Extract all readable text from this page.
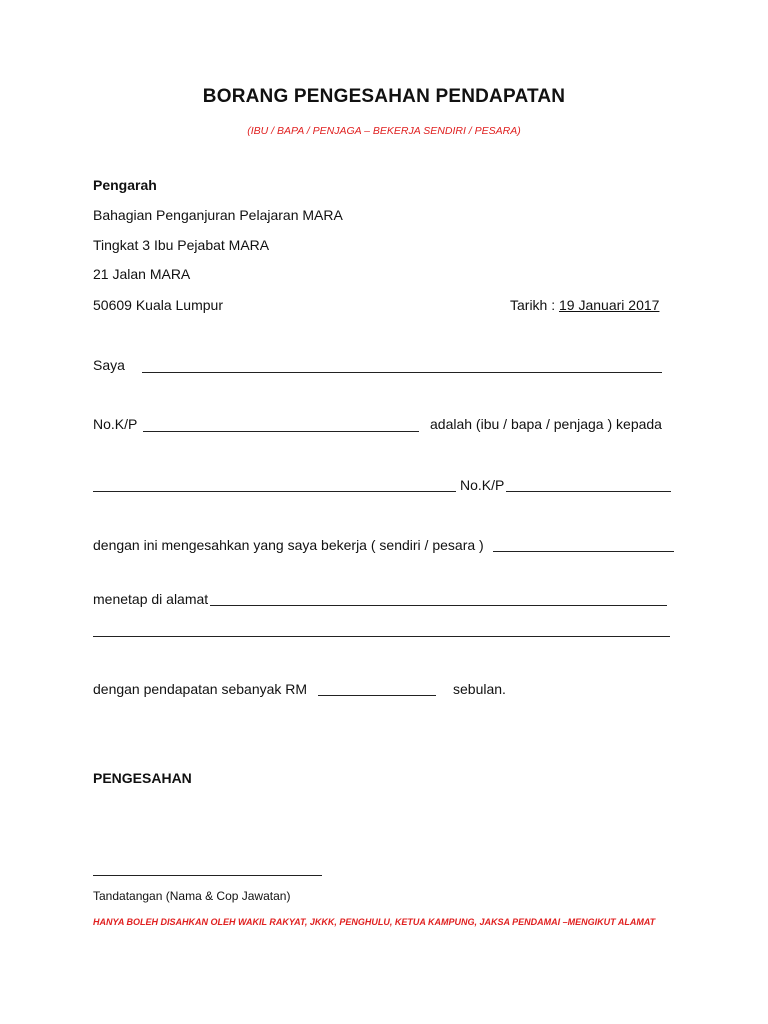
BORANG PENGESAHAN PENDAPATAN
(IBU / BAPA / PENJAGA – BEKERJA SENDIRI / PESARA)
Pengarah
Bahagian Penganjuran Pelajaran MARA
Tingkat 3 Ibu Pejabat MARA
21 Jalan MARA
50609 Kuala Lumpur	Tarikh : 19 Januari 2017
Saya
No.K/P	adalah (ibu / bapa / penjaga ) kepada
No.K/P
dengan ini mengesahkan yang saya bekerja ( sendiri / pesara )
menetap di alamat
dengan pendapatan sebanyak RM	sebulan.
PENGESAHAN
Tandatangan (Nama & Cop Jawatan)
HANYA BOLEH DISAHKAN OLEH WAKIL RAKYAT, JKKK, PENGHULU, KETUA KAMPUNG, JAKSA PENDAMAI –MENGIKUT ALAMAT
